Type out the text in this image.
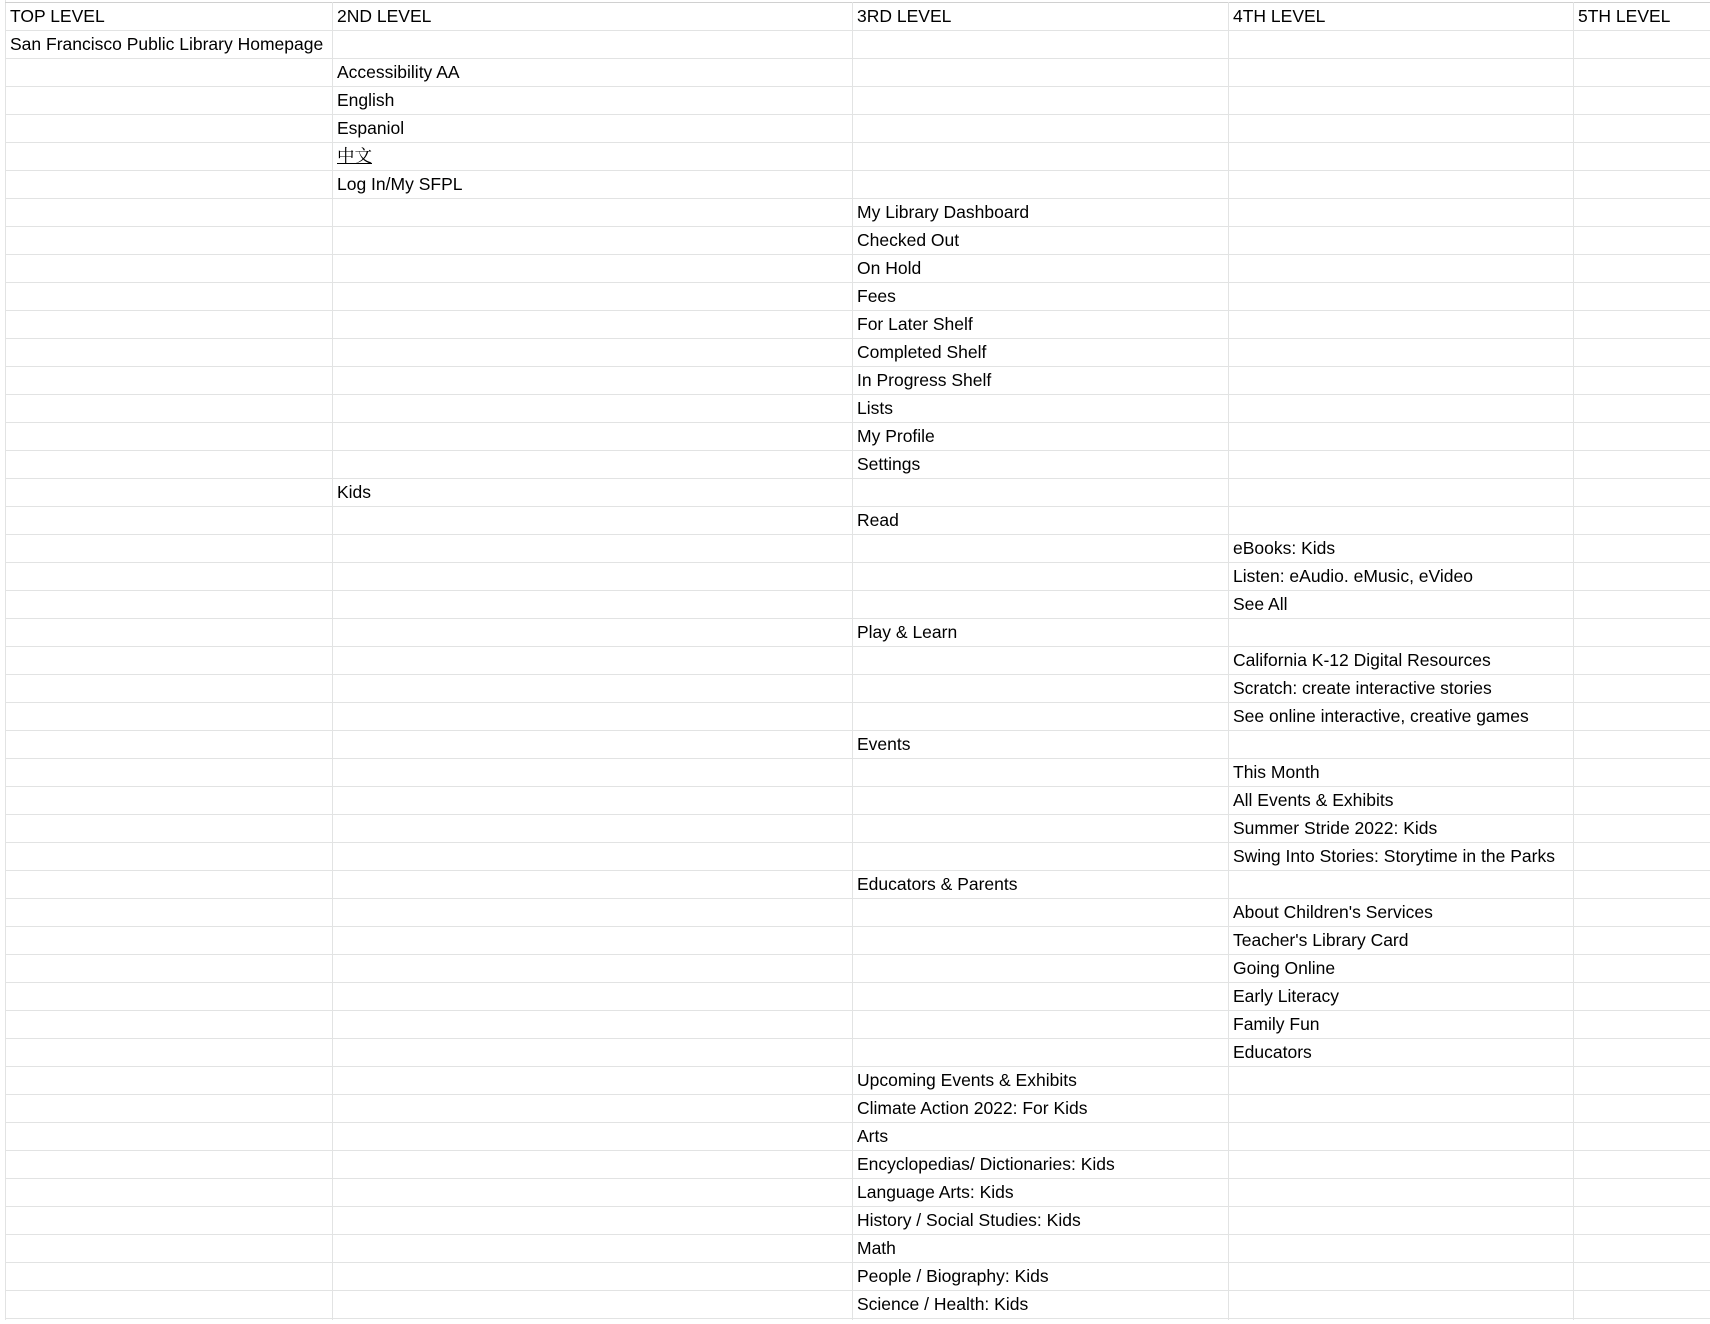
TOP LEVEL	2ND LEVEL	3RD LEVEL	4TH LEVEL	5TH LEVEL
San Francisco Public Library Homepage				
	Accessibility AA			
	English			
	Espaniol			
	中文			
	Log In/My SFPL			
		My Library Dashboard		
		Checked Out		
		On Hold		
		Fees		
		For Later Shelf		
		Completed Shelf		
		In Progress Shelf		
		Lists		
		My Profile		
		Settings		
	Kids			
		Read		
			eBooks: Kids	
			Listen: eAudio. eMusic, eVideo	
			See All	
		Play & Learn		
			California K-12 Digital Resources	
			Scratch: create interactive stories	
			See online interactive, creative games	
		Events		
			This Month	
			All Events & Exhibits	
			Summer Stride 2022: Kids	
			Swing Into Stories: Storytime in the Parks	
		Educators & Parents		
			About Children's Services	
			Teacher's Library Card	
			Going Online	
			Early Literacy	
			Family Fun	
			Educators	
		Upcoming Events & Exhibits		
		Climate Action 2022: For Kids		
		Arts		
		Encyclopedias/ Dictionaries: Kids		
		Language Arts: Kids		
		History / Social Studies: Kids		
		Math		
		People / Biography: Kids		
		Science / Health: Kids		
